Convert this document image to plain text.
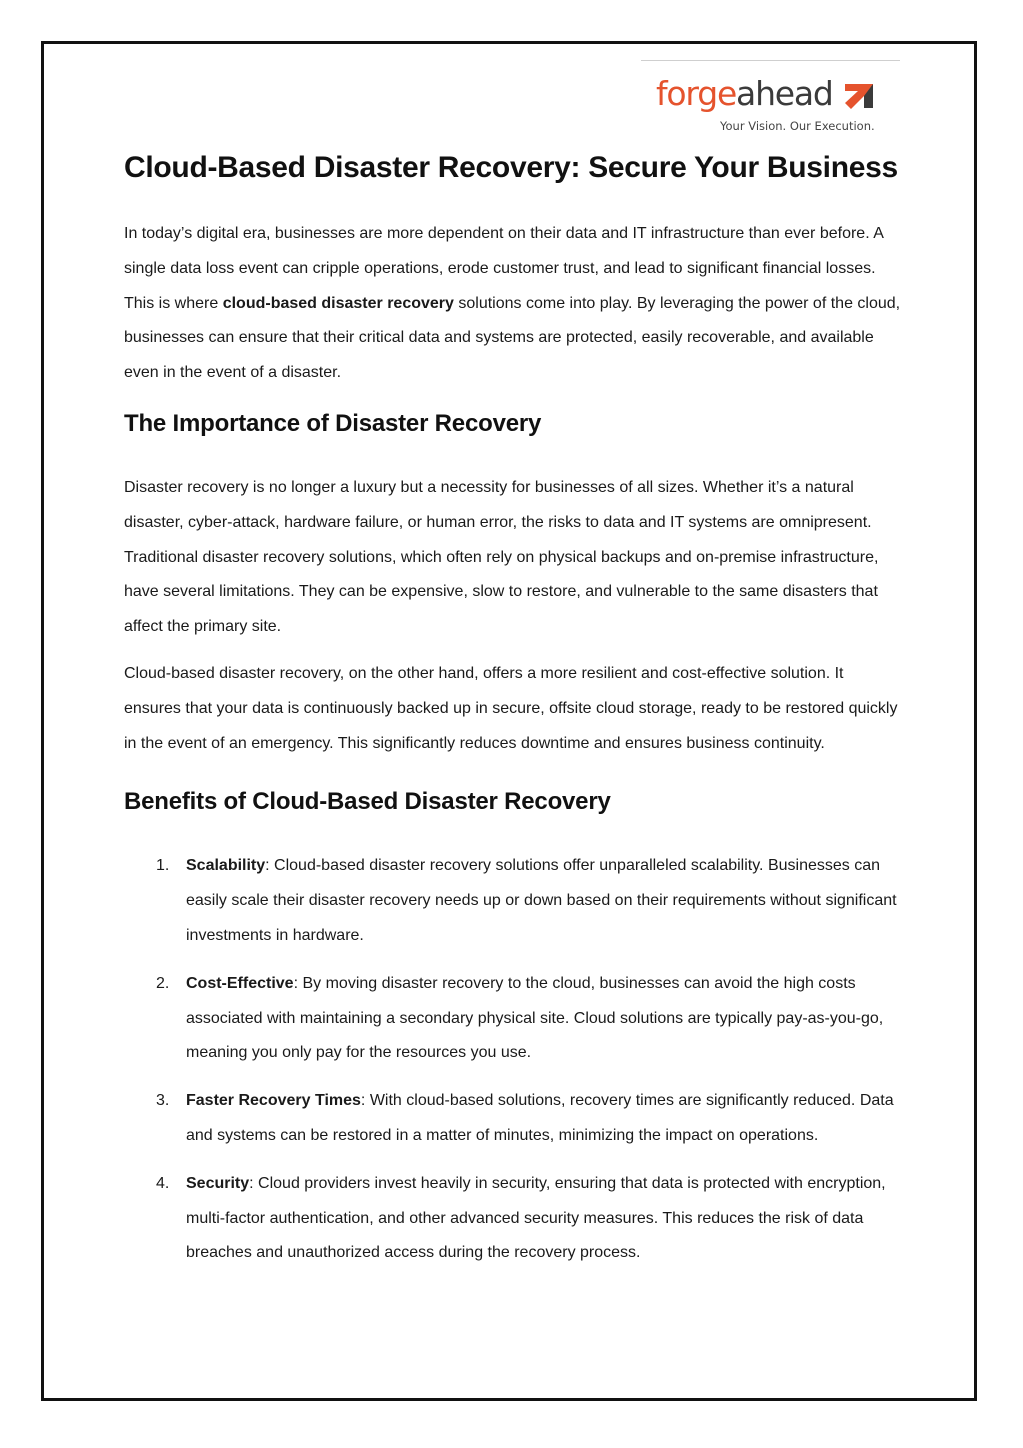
forgeahead
Your Vision. Our Execution.
Cloud-Based Disaster Recovery: Secure Your Business

In today’s digital era, businesses are more dependent on their data and IT infrastructure than ever before. A single data loss event can cripple operations, erode customer trust, and lead to significant financial losses. This is where cloud-based disaster recovery solutions come into play. By leveraging the power of the cloud, businesses can ensure that their critical data and systems are protected, easily recoverable, and available even in the event of a disaster.

The Importance of Disaster Recovery

Disaster recovery is no longer a luxury but a necessity for businesses of all sizes. Whether it’s a natural disaster, cyber-attack, hardware failure, or human error, the risks to data and IT systems are omnipresent. Traditional disaster recovery solutions, which often rely on physical backups and on-premise infrastructure, have several limitations. They can be expensive, slow to restore, and vulnerable to the same disasters that affect the primary site.

Cloud-based disaster recovery, on the other hand, offers a more resilient and cost-effective solution. It ensures that your data is continuously backed up in secure, offsite cloud storage, ready to be restored quickly in the event of an emergency. This significantly reduces downtime and ensures business continuity.

Benefits of Cloud-Based Disaster Recovery
1. Scalability: Cloud-based disaster recovery solutions offer unparalleled scalability. Businesses can easily scale their disaster recovery needs up or down based on their requirements without significant investments in hardware.
2. Cost-Effective: By moving disaster recovery to the cloud, businesses can avoid the high costs associated with maintaining a secondary physical site. Cloud solutions are typically pay-as-you-go, meaning you only pay for the resources you use.
3. Faster Recovery Times: With cloud-based solutions, recovery times are significantly reduced. Data and systems can be restored in a matter of minutes, minimizing the impact on operations.
4. Security: Cloud providers invest heavily in security, ensuring that data is protected with encryption, multi-factor authentication, and other advanced security measures. This reduces the risk of data breaches and unauthorized access during the recovery process.
